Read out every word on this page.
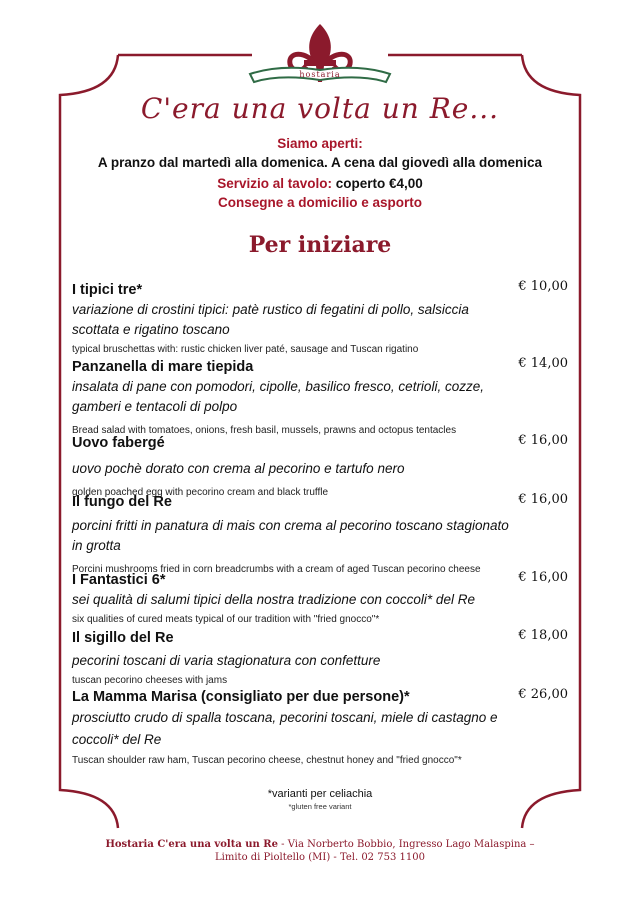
hostaria
C'era una volta un Re...
Siamo aperti:
A pranzo dal martedì alla domenica. A cena dal giovedì alla domenica
Servizio al tavolo: coperto €4,00
Consegne a domicilio e asporto
Per iniziare
I tipici tre*
variazione di crostini tipici: patè rustico di fegatini di pollo, salsiccia
scottata e rigatino toscano
typical bruschettas with: rustic chicken liver paté, sausage and Tuscan rigatino
€ 10,00
Panzanella di mare tiepida
insalata di pane con pomodori, cipolle, basilico fresco, cetrioli, cozze,
gamberi e tentacoli di polpo
Bread salad with tomatoes, onions, fresh basil, mussels, prawns and octopus tentacles
€ 14,00
Uovo fabergé
uovo pochè dorato con crema al pecorino e tartufo nero
golden poached egg with pecorino cream and black truffle
€ 16,00
Il fungo del Re
porcini fritti in panatura di mais con crema al pecorino toscano stagionato
in grotta
Porcini mushrooms fried in corn breadcrumbs with a cream of aged Tuscan pecorino cheese
€ 16,00
I Fantastici 6*
sei qualità di salumi tipici della nostra tradizione con coccoli* del Re
six qualities of cured meats typical of our tradition with "fried gnocco"*
€ 16,00
Il sigillo del Re
pecorini toscani di varia stagionatura con confetture
tuscan pecorino cheeses with jams
€ 18,00
La Mamma Marisa (consigliato per due persone)*
prosciutto crudo di spalla toscana, pecorini toscani, miele di castagno e
coccoli* del Re
Tuscan shoulder raw ham, Tuscan pecorino cheese, chestnut honey and "fried gnocco"*
€ 26,00
*varianti per celiachia
*gluten free variant
Hostaria C'era una volta un Re - Via Norberto Bobbio, Ingresso Lago Malaspina –
Limito di Pioltello (MI) - Tel. 02 753 1100
